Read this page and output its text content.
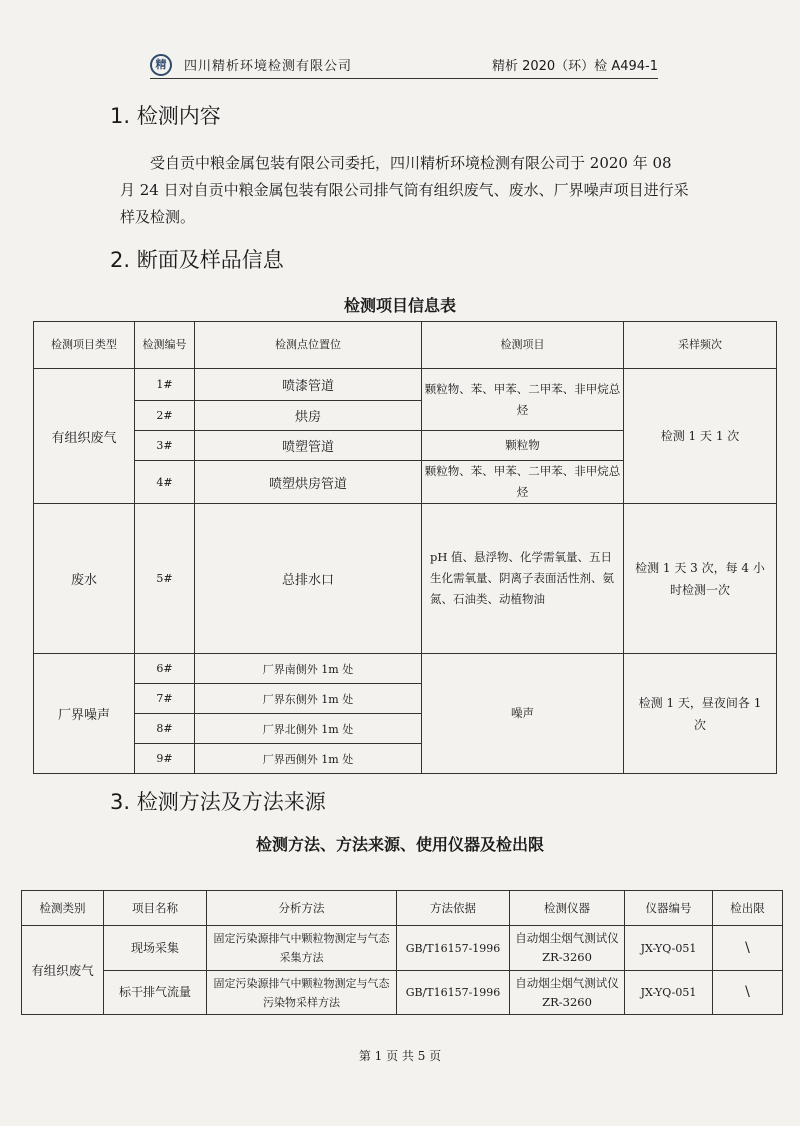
精	四川精析环境检测有限公司	精析 2020（环）检 A494-1
1. 检测内容
受自贡中粮金属包装有限公司委托，四川精析环境检测有限公司于 2020 年 08 月 24 日对自贡中粮金属包装有限公司排气筒有组织废气、废水、厂界噪声项目进行采样及检测。
2. 断面及样品信息
检测项目信息表
检测项目类型	检测编号	检测点位置位	检测项目	采样频次
有组织废气	1#	喷漆管道	颗粒物、苯、甲苯、二甲苯、非甲烷总烃	检测 1 天 1 次
	2#	烘房		
	3#	喷塑管道	颗粒物	
	4#	喷塑烘房管道	颗粒物、苯、甲苯、二甲苯、非甲烷总烃	
废水	5#	总排水口	pH 值、悬浮物、化学需氧量、五日生化需氧量、阴离子表面活性剂、氨氮、石油类、动植物油	检测 1 天 3 次，每 4 小时检测一次
厂界噪声	6#	厂界南侧外 1m 处	噪声	检测 1 天，昼夜间各 1 次
	7#	厂界东侧外 1m 处		
	8#	厂界北侧外 1m 处		
	9#	厂界西侧外 1m 处		
3. 检测方法及方法来源
检测方法、方法来源、使用仪器及检出限
检测类别	项目名称	分析方法	方法依据	检测仪器	仪器编号	检出限
有组织废气	现场采集	固定污染源排气中颗粒物测定与气态采集方法	GB/T16157-1996	自动烟尘烟气测试仪 ZR-3260	JX-YQ-051	\
	标干排气流量	固定污染源排气中颗粒物测定与气态污染物采样方法	GB/T16157-1996	自动烟尘烟气测试仪 ZR-3260	JX-YQ-051	\
第 1 页 共 5 页
